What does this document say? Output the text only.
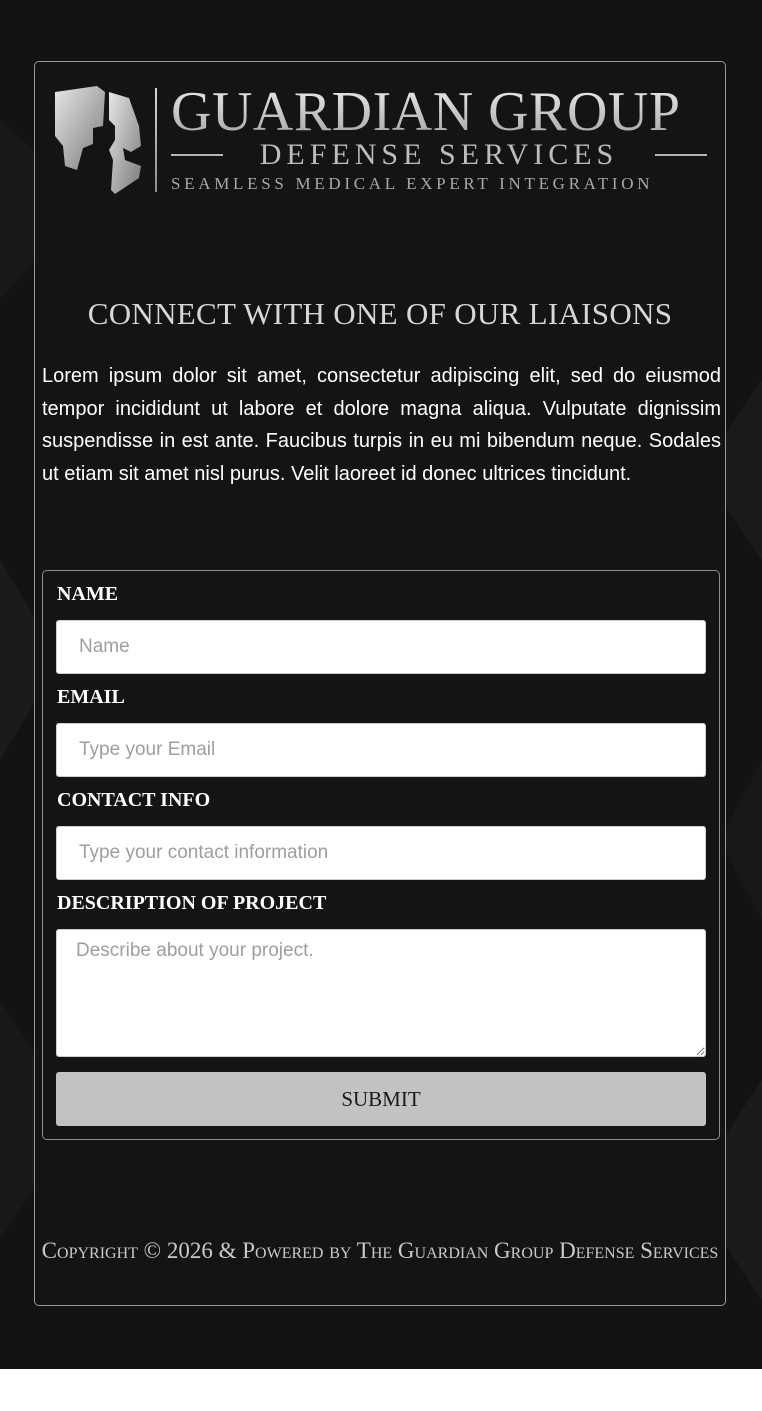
GUARDIAN GROUP
DEFENSE SERVICES
SEAMLESS MEDICAL EXPERT INTEGRATION
CONNECT WITH ONE OF OUR LIAISONS

Lorem ipsum dolor sit amet, consectetur adipiscing elit, sed do eiusmod tempor incididunt ut labore et dolore magna aliqua. Vulputate dignissim suspendisse in est ante. Faucibus turpis in eu mi bibendum neque. Sodales ut etiam sit amet nisl purus. Velit laoreet id donec ultrices tincidunt.

NAME
Name
EMAIL
Type your Email
CONTACT INFO
Type your contact information
DESCRIPTION OF PROJECT
Describe about your project.
SUBMIT
Copyright © 2026 & Powered by The Guardian Group Defense Services
